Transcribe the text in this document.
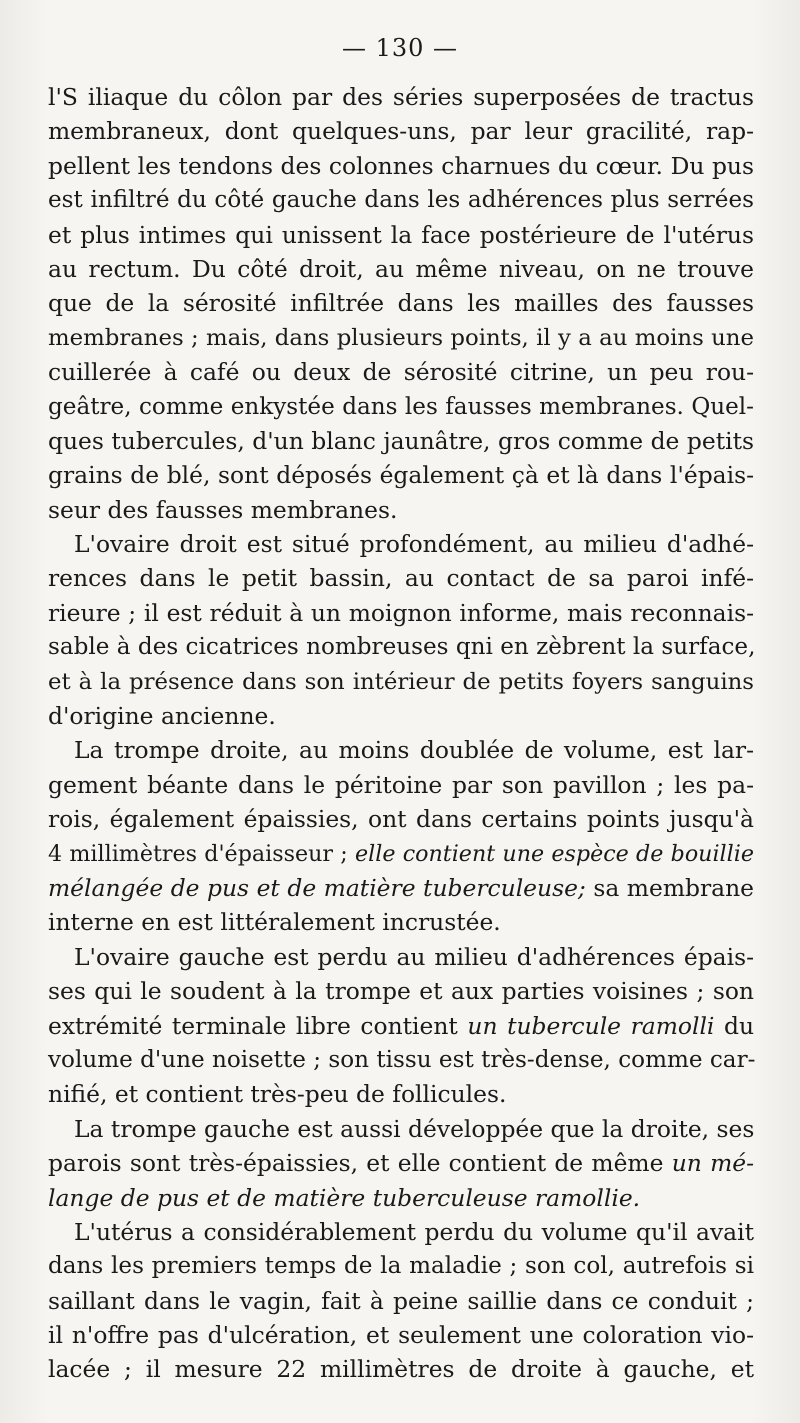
— 130 —
l'S iliaque du côlon par des séries superposées de tractus
membraneux, dont quelques-uns, par leur gracilité, rap-
pellent les tendons des colonnes charnues du cœur. Du pus
est infiltré du côté gauche dans les adhérences plus serrées
et plus intimes qui unissent la face postérieure de l'utérus
au rectum. Du côté droit, au même niveau, on ne trouve
que de la sérosité infiltrée dans les mailles des fausses
membranes ; mais, dans plusieurs points, il y a au moins une
cuillerée à café ou deux de sérosité citrine, un peu rou-
geâtre, comme enkystée dans les fausses membranes. Quel-
ques tubercules, d'un blanc jaunâtre, gros comme de petits
grains de blé, sont déposés également çà et là dans l'épais-
seur des fausses membranes.
L'ovaire droit est situé profondément, au milieu d'adhé-
rences dans le petit bassin, au contact de sa paroi infé-
rieure ; il est réduit à un moignon informe, mais reconnais-
sable à des cicatrices nombreuses qni en zèbrent la surface,
et à la présence dans son intérieur de petits foyers sanguins
d'origine ancienne.
La trompe droite, au moins doublée de volume, est lar-
gement béante dans le péritoine par son pavillon ; les pa-
rois, également épaissies, ont dans certains points jusqu'à
4 millimètres d'épaisseur ; elle contient une espèce de bouillie
mélangée de pus et de matière tuberculeuse; sa membrane
interne en est littéralement incrustée.
L'ovaire gauche est perdu au milieu d'adhérences épais-
ses qui le soudent à la trompe et aux parties voisines ; son
extrémité terminale libre contient un tubercule ramolli du
volume d'une noisette ; son tissu est très-dense, comme car-
nifié, et contient très-peu de follicules.
La trompe gauche est aussi développée que la droite, ses
parois sont très-épaissies, et elle contient de même un mé-
lange de pus et de matière tuberculeuse ramollie.
L'utérus a considérablement perdu du volume qu'il avait
dans les premiers temps de la maladie ; son col, autrefois si
saillant dans le vagin, fait à peine saillie dans ce conduit ;
il n'offre pas d'ulcération, et seulement une coloration vio-
lacée ; il mesure 22 millimètres de droite à gauche, et
